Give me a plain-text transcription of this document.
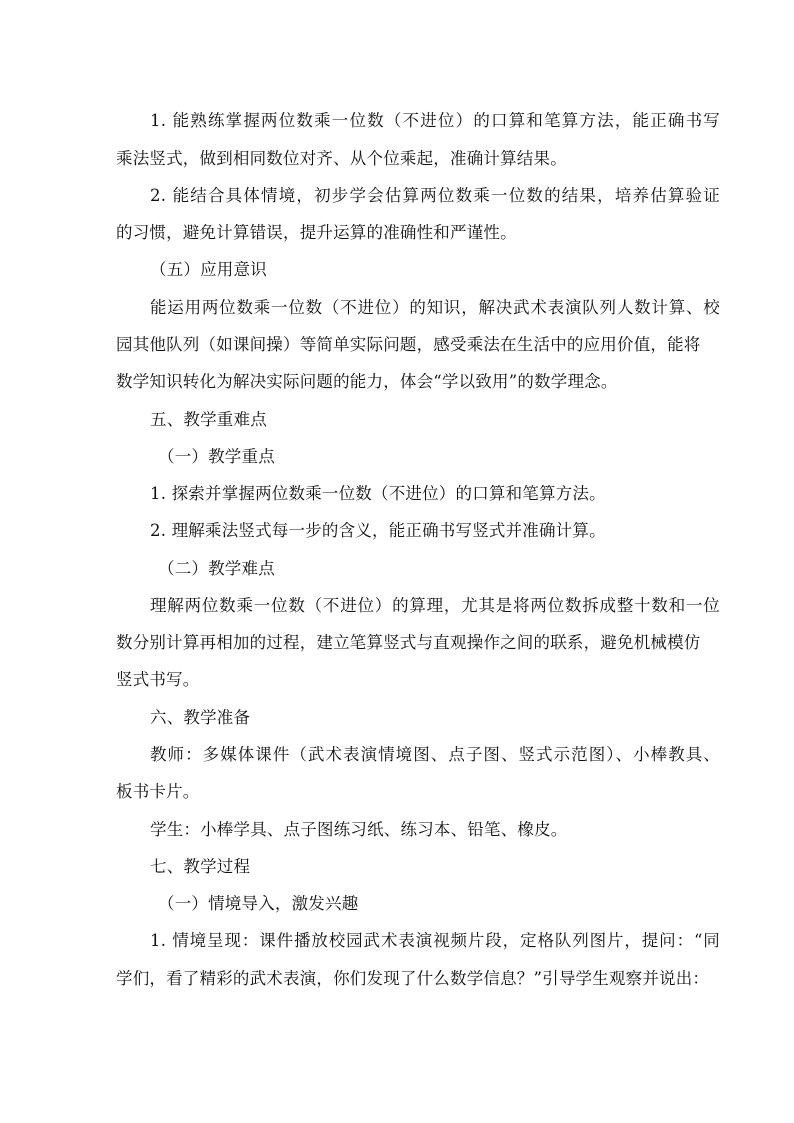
1. 能熟练掌握两位数乘一位数（不进位）的口算和笔算方法，能正确书写
乘法竖式，做到相同数位对齐、从个位乘起，准确计算结果。
2. 能结合具体情境，初步学会估算两位数乘一位数的结果，培养估算验证
的习惯，避免计算错误，提升运算的准确性和严谨性。
（五）应用意识
能运用两位数乘一位数（不进位）的知识，解决武术表演队列人数计算、校
园其他队列（如课间操）等简单实际问题，感受乘法在生活中的应用价值，能将
数学知识转化为解决实际问题的能力，体会“学以致用”的数学理念。
五、教学重难点
（一）教学重点
1. 探索并掌握两位数乘一位数（不进位）的口算和笔算方法。
2. 理解乘法竖式每一步的含义，能正确书写竖式并准确计算。
（二）教学难点
理解两位数乘一位数（不进位）的算理，尤其是将两位数拆成整十数和一位
数分别计算再相加的过程，建立笔算竖式与直观操作之间的联系，避免机械模仿
竖式书写。
六、教学准备
教师：多媒体课件（武术表演情境图、点子图、竖式示范图）、小棒教具、
板书卡片。
学生：小棒学具、点子图练习纸、练习本、铅笔、橡皮。
七、教学过程
（一）情境导入，激发兴趣
1. 情境呈现：课件播放校园武术表演视频片段，定格队列图片，提问：“同
学们，看了精彩的武术表演，你们发现了什么数学信息？”引导学生观察并说出：
